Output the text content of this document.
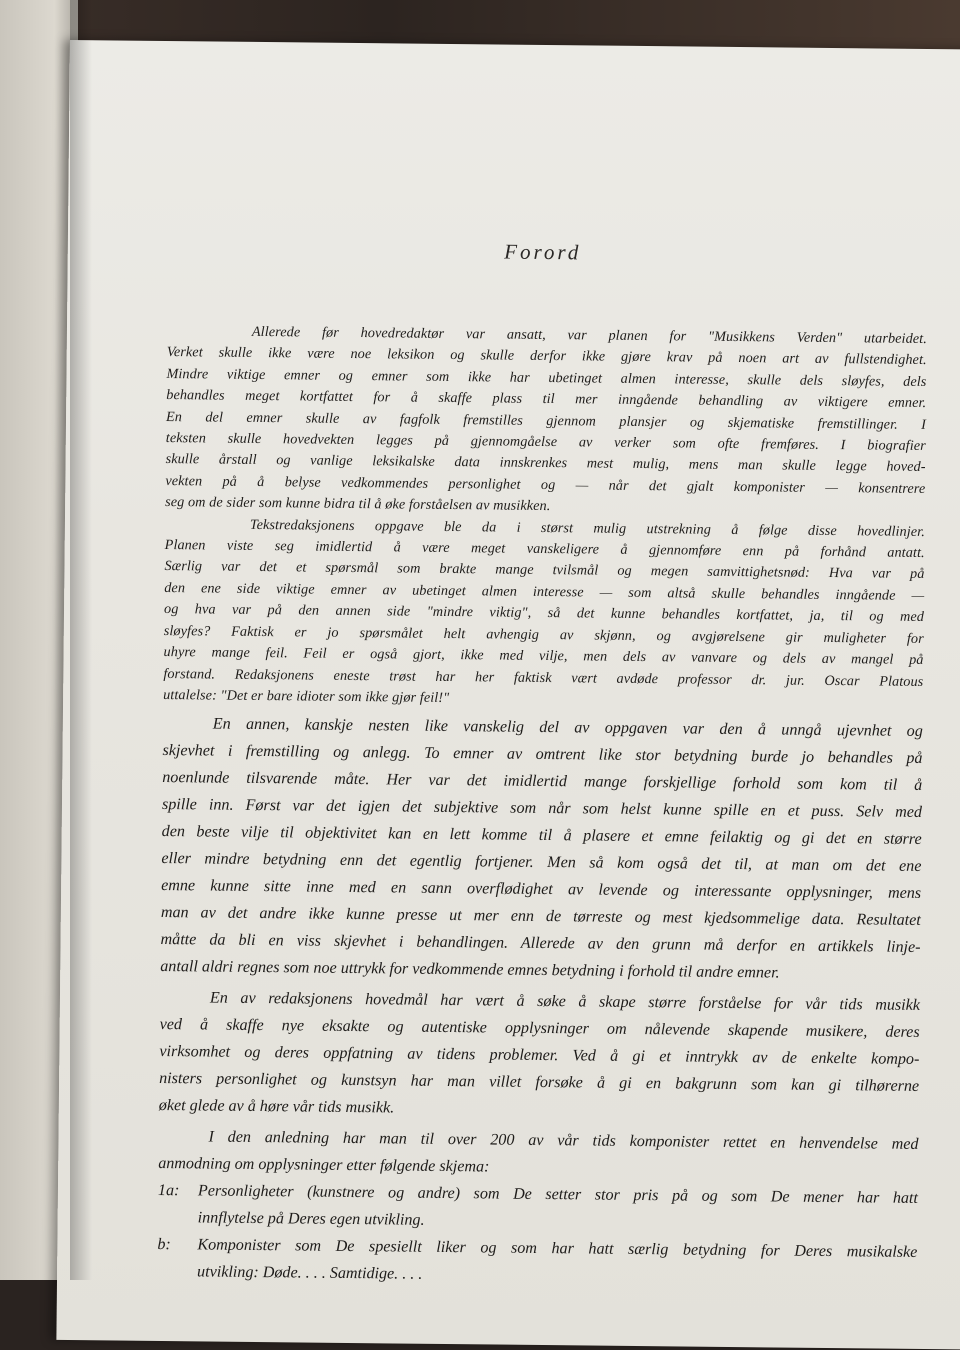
Forord

Allerede før hovedredaktør var ansatt, var planen for "Musikkens Verden" utarbeidet.

Verket skulle ikke være noe leksikon og skulle derfor ikke gjøre krav på noen art av fullstendighet.

Mindre viktige emner og emner som ikke har ubetinget almen interesse, skulle dels sløyfes, dels

behandles meget kortfattet for å skaffe plass til mer inngående behandling av viktigere emner.

En del emner skulle av fagfolk fremstilles gjennom plansjer og skjematiske fremstillinger. I

teksten skulle hovedvekten legges på gjennomgåelse av verker som ofte fremføres. I biografier

skulle årstall og vanlige leksikalske data innskrenkes mest mulig, mens man skulle legge hoved-

vekten på å belyse vedkommendes personlighet og — når det gjalt komponister — konsentrere

seg om de sider som kunne bidra til å øke forståelsen av musikken.

Tekstredaksjonens oppgave ble da i størst mulig utstrekning å følge disse hovedlinjer.

Planen viste seg imidlertid å være meget vanskeligere å gjennomføre enn på forhånd antatt.

Særlig var det et spørsmål som brakte mange tvilsmål og megen samvittighetsnød: Hva var på

den ene side viktige emner av ubetinget almen interesse — som altså skulle behandles inngående —

og hva var på den annen side "mindre viktig", så det kunne behandles kortfattet, ja, til og med

sløyfes? Faktisk er jo spørsmålet helt avhengig av skjønn, og avgjørelsene gir muligheter for

uhyre mange feil. Feil er også gjort, ikke med vilje, men dels av vanvare og dels av mangel på

forstand. Redaksjonens eneste trøst har her faktisk vært avdøde professor dr. jur. Oscar Platous

uttalelse: "Det er bare idioter som ikke gjør feil!"

En annen, kanskje nesten like vanskelig del av oppgaven var den å unngå ujevnhet og

skjevhet i fremstilling og anlegg. To emner av omtrent like stor betydning burde jo behandles på

noenlunde tilsvarende måte. Her var det imidlertid mange forskjellige forhold som kom til å

spille inn. Først var det igjen det subjektive som når som helst kunne spille en et puss. Selv med

den beste vilje til objektivitet kan en lett komme til å plasere et emne feilaktig og gi det en større

eller mindre betydning enn det egentlig fortjener. Men så kom også det til, at man om det ene

emne kunne sitte inne med en sann overflødighet av levende og interessante opplysninger, mens

man av det andre ikke kunne presse ut mer enn de tørreste og mest kjedsommelige data. Resultatet

måtte da bli en viss skjevhet i behandlingen. Allerede av den grunn må derfor en artikkels linje-

antall aldri regnes som noe uttrykk for vedkommende emnes betydning i forhold til andre emner.

En av redaksjonens hovedmål har vært å søke å skape større forståelse for vår tids musikk

ved å skaffe nye eksakte og autentiske opplysninger om nålevende skapende musikere, deres

virksomhet og deres oppfatning av tidens problemer. Ved å gi et inntrykk av de enkelte kompo-

nisters personlighet og kunstsyn har man villet forsøke å gi en bakgrunn som kan gi tilhørerne

øket glede av å høre vår tids musikk.

I den anledning har man til over 200 av vår tids komponister rettet en henvendelse med

anmodning om opplysninger etter følgende skjema:

1a:	Personligheter (kunstnere og andre) som De setter stor pris på og som De mener har hatt

innflytelse på Deres egen utvikling.

b:	Komponister som De spesiellt liker og som har hatt særlig betydning for Deres musikalske

utvikling: Døde. . . . Samtidige. . . .
